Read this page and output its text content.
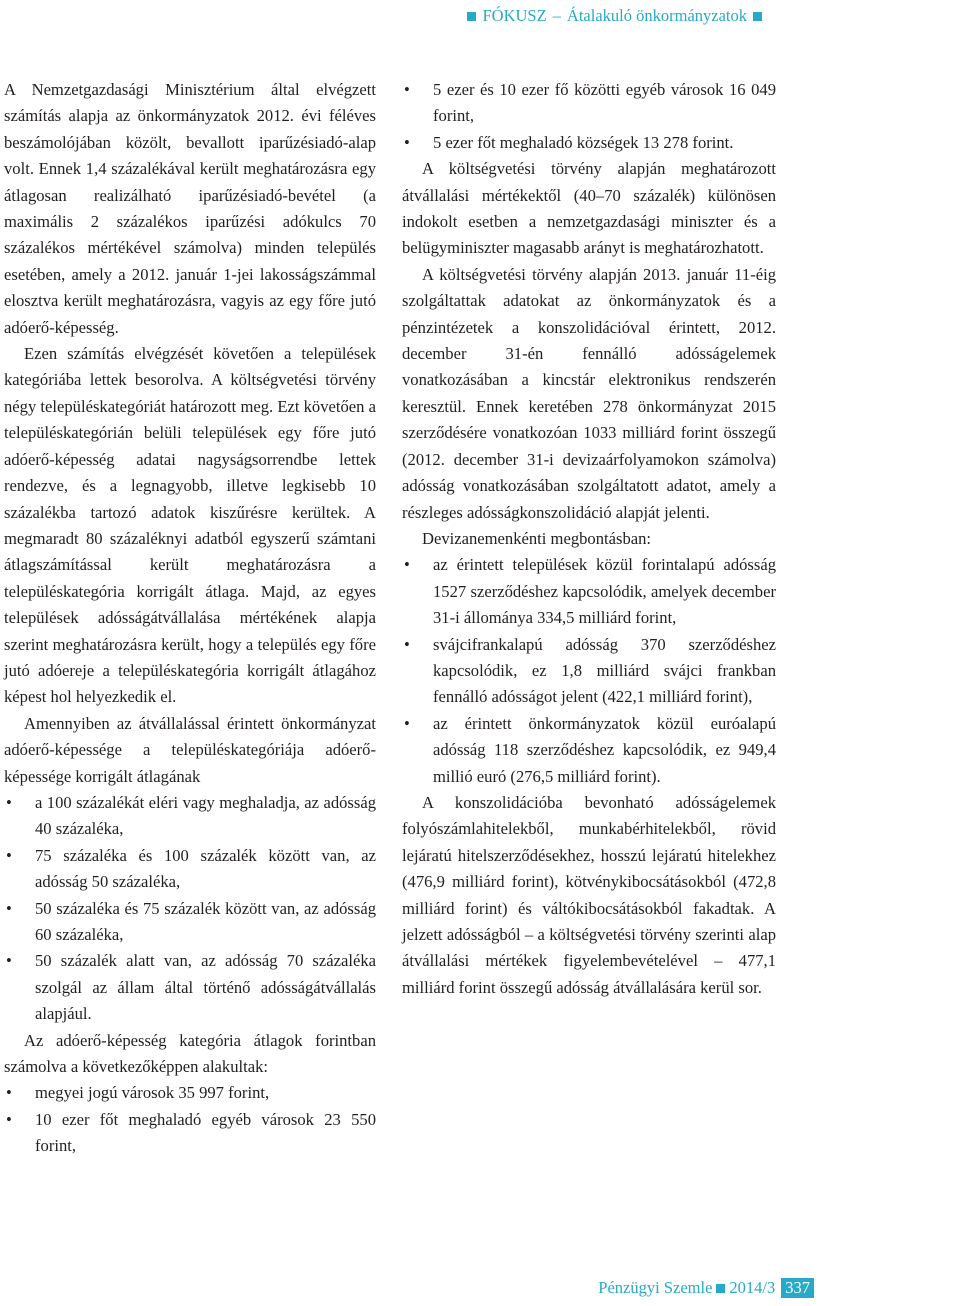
FÓKUSZ – Átalakuló önkormányzatok

A Nemzetgazdasági Minisztérium által elvégzett számítás alapja az önkormányzatok 2012. évi féléves beszámolójában közölt, bevallott iparűzésiadó-alap volt. Ennek 1,4 százalékával került meghatározásra egy átlagosan realizálható iparűzésiadó-bevétel (a maximális 2 százalékos iparűzési adókulcs 70 százalékos mértékével számolva) minden település esetében, amely a 2012. január 1-jei lakosságszámmal elosztva került meghatározásra, vagyis az egy főre jutó adóerő-képesség.

Ezen számítás elvégzését követően a települések kategóriába lettek besorolva. A költségvetési törvény négy településkategóriát határozott meg. Ezt követően a településkategórián belüli települések egy főre jutó adóerő-képesség adatai nagyságsorrendbe lettek rendezve, és a legnagyobb, illetve legkisebb 10 százalékba tartozó adatok kiszűrésre kerültek. A megmaradt 80 százaléknyi adatból egyszerű számtani átlagszámítással került meghatározásra a településkategória korrigált átlaga. Majd, az egyes települések adósságátvállalása mértékének alapja szerint meghatározásra került, hogy a település egy főre jutó adóereje a településkategória korrigált átlagához képest hol helyezkedik el.

Amennyiben az átvállalással érintett önkormányzat adóerő-képessége a településkategóriája adóerő-képessége korrigált átlagának

• a 100 százalékát eléri vagy meghaladja, az adósság 40 százaléka,
• 75 százaléka és 100 százalék között van, az adósság 50 százaléka,
• 50 százaléka és 75 százalék között van, az adósság 60 százaléka,
• 50 százalék alatt van, az adósság 70 százaléka szolgál az állam által történő adósságátvállalás alapjául.

Az adóerő-képesség kategória átlagok forintban számolva a következőképpen alakultak:

• megyei jogú városok 35 997 forint,
• 10 ezer főt meghaladó egyéb városok 23 550 forint,
• 5 ezer és 10 ezer fő közötti egyéb városok 16 049 forint,
• 5 ezer főt meghaladó községek 13 278 forint.

A költségvetési törvény alapján meghatározott átvállalási mértékektől (40–70 százalék) különösen indokolt esetben a nemzetgazdasági miniszter és a belügyminiszter magasabb arányt is meghatározhatott.

A költségvetési törvény alapján 2013. január 11-éig szolgáltattak adatokat az önkormányzatok és a pénzintézetek a konszolidációval érintett, 2012. december 31-én fennálló adósságelemek vonatkozásában a kincstár elektronikus rendszerén keresztül. Ennek keretében 278 önkormányzat 2015 szerződésére vonatkozóan 1033 milliárd forint összegű (2012. december 31-i devizaárfolyamokon számolva) adósság vonatkozásában szolgáltatott adatot, amely a részleges adósságkonszolidáció alapját jelenti.

Devizanemenkénti megbontásban:

• az érintett települések közül forintalapú adósság 1527 szerződéshez kapcsolódik, amelyek december 31-i állománya 334,5 milliárd forint,
• svájcifrankalapú adósság 370 szerződéshez kapcsolódik, ez 1,8 milliárd svájci frankban fennálló adósságot jelent (422,1 milliárd forint),
• az érintett önkormányzatok közül euróalapú adósság 118 szerződéshez kapcsolódik, ez 949,4 millió euró (276,5 milliárd forint).

A konszolidációba bevonható adósságelemek folyószámlahitelekből, munkabérhitelekből, rövid lejáratú hitelszerződésekhez, hosszú lejáratú hitelekhez (476,9 milliárd forint), kötvénykibocsátásokból (472,8 milliárd forint) és váltókibocsátásokból fakadtak. A jelzett adósságból – a költségvetési törvény szerinti alap átvállalási mértékek figyelembevételével – 477,1 milliárd forint összegű adósság átvállalására kerül sor.

Pénzügyi Szemle 2014/3 337
